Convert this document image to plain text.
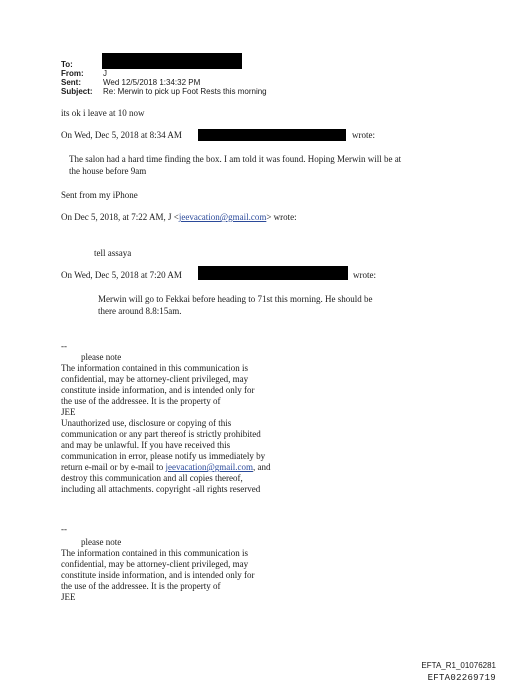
To:
From: J
Sent:	Wed 12/5/2018 1:34:32 PM
Subject: Re: Merwin to pick up Foot Rests this morning
its ok i leave at 10 now
On Wed, Dec 5, 2018 at 8:34 AM	wrote:
The salon had a hard time finding the box. I am told it was found. Hoping Merwin will be at
the house before 9am
Sent from my iPhone
On Dec 5, 2018, at 7:22 AM, J <jeevacation@gmail.com> wrote:
tell assaya
On Wed, Dec 5, 2018 at 7:20 AM	wrote:
Merwin will go to Fekkai before heading to 71st this morning. He should be
there around 8.8:15am.
--
please note
The information contained in this communication is
confidential, may be attorney-client privileged, may
constitute inside information, and is intended only for
the use of the addressee. It is the property of
JEE
Unauthorized use, disclosure or copying of this
communication or any part thereof is strictly prohibited
and may be unlawful. If you have received this
communication in error, please notify us immediately by
return e-mail or by e-mail to jeevacation@gmail.com, and
destroy this communication and all copies thereof,
including all attachments. copyright -all rights reserved
--
please note
The information contained in this communication is
confidential, may be attorney-client privileged, may
constitute inside information, and is intended only for
the use of the addressee. It is the property of
JEE
EFTA_R1_01076281
EFTA02269719
